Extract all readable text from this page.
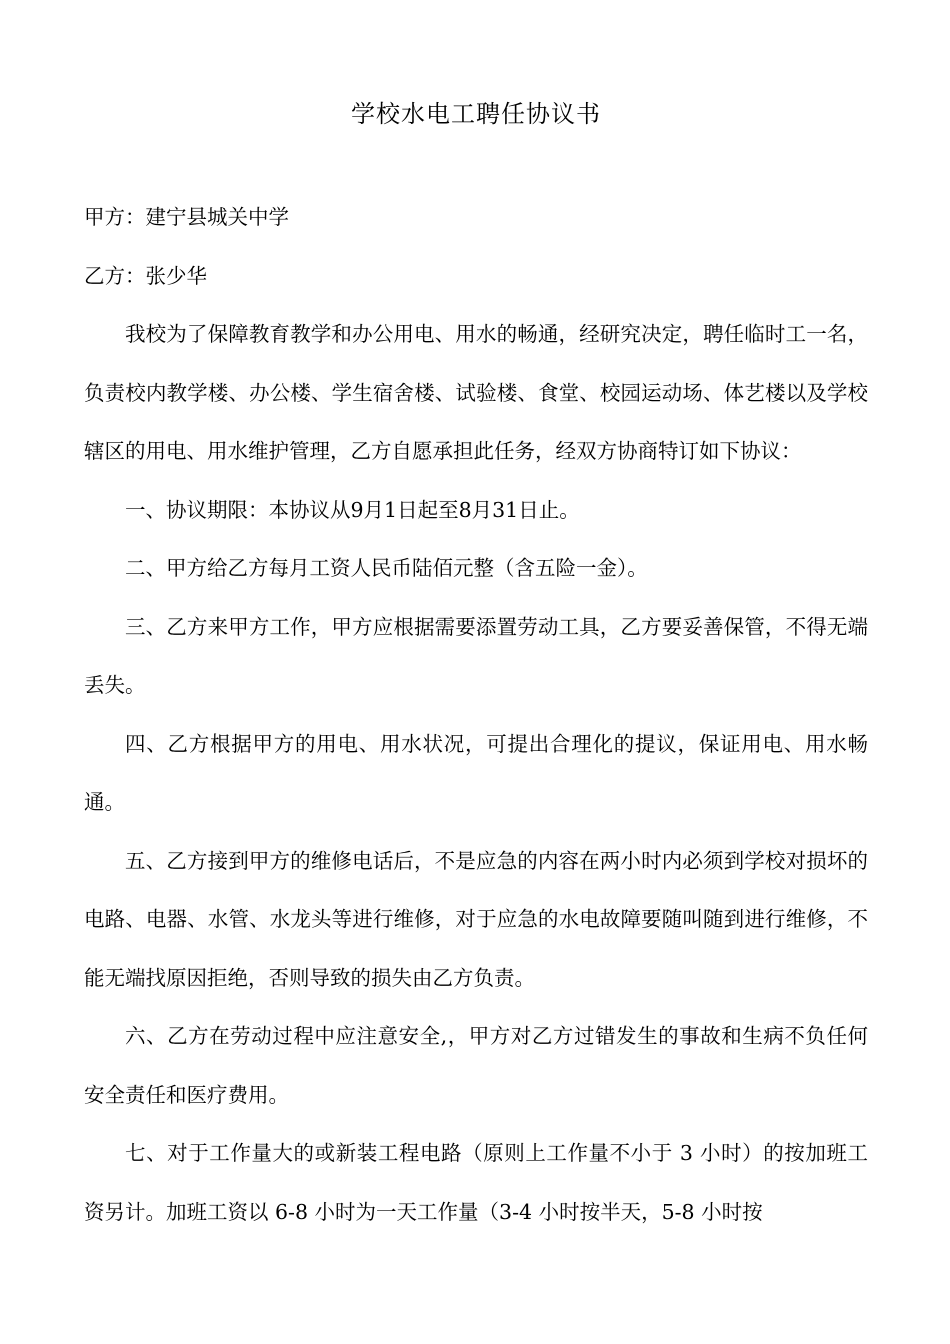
学校水电工聘任协议书

甲方：建宁县城关中学

乙方：张少华

我校为了保障教育教学和办公用电、用水的畅通，经研究决定，聘任临时工一名，负责校内教学楼、办公楼、学生宿舍楼、试验楼、食堂、校园运动场、体艺楼以及学校辖区的用电、用水维护管理，乙方自愿承担此任务，经双方协商特订如下协议：

一、协议期限：本协议从9月1日起至8月31日止。

二、甲方给乙方每月工资人民币陆佰元整（含五险一金）。

三、乙方来甲方工作，甲方应根据需要添置劳动工具，乙方要妥善保管，不得无端丢失。

四、乙方根据甲方的用电、用水状况，可提出合理化的提议，保证用电、用水畅通。

五、乙方接到甲方的维修电话后，不是应急的内容在两小时内必须到学校对损坏的电路、电器、水管、水龙头等进行维修，对于应急的水电故障要随叫随到进行维修，不能无端找原因拒绝，否则导致的损失由乙方负责。

六、乙方在劳动过程中应注意安全,，甲方对乙方过错发生的事故和生病不负任何安全责任和医疗费用。

七、对于工作量大的或新装工程电路（原则上工作量不小于 3 小时）的按加班工资另计。加班工资以 6-8 小时为一天工作量（3-4 小时按半天，5-8 小时按
